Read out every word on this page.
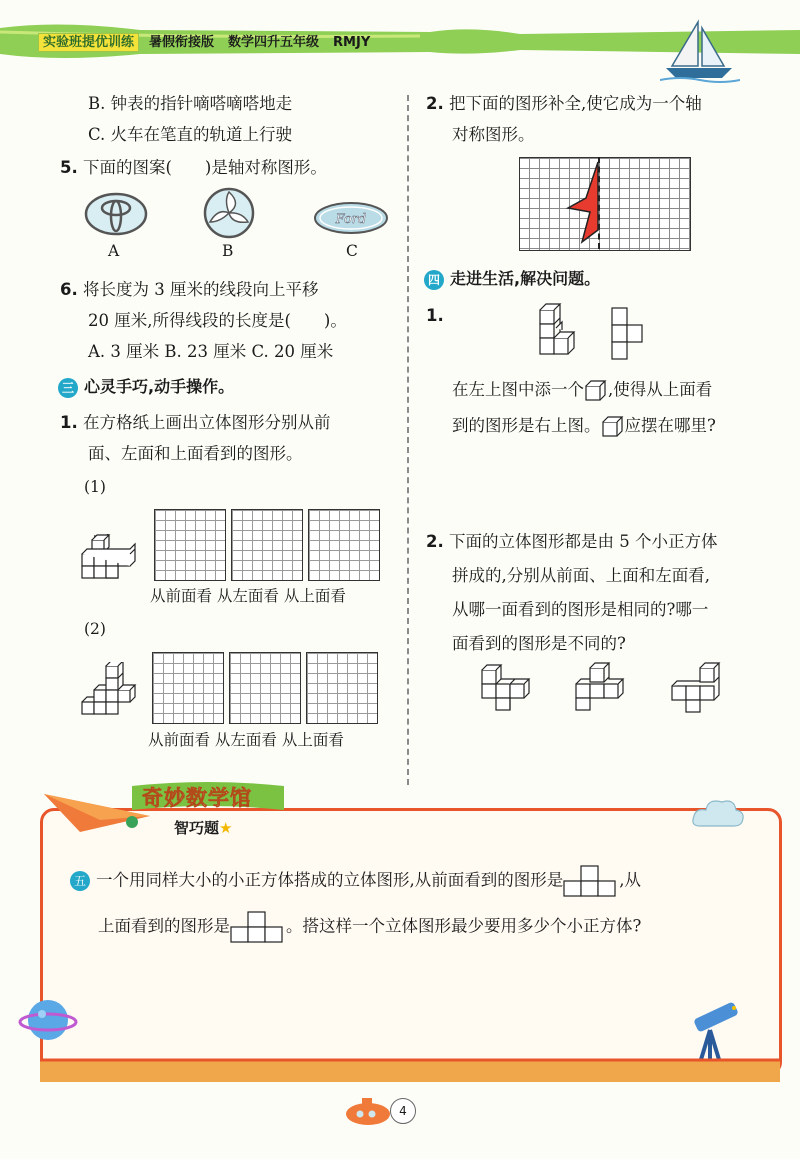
实验班提优训练 暑假衔接版 数学四升五年级 RMJY
B. 钟表的指针嘀嗒嘀嗒地走
C. 火车在笔直的轨道上行驶
5. 下面的图案(　　)是轴对称图形。
Ford
A	B	C
6. 将长度为 3 厘米的线段向上平移
20 厘米,所得线段的长度是(　　)。
A. 3 厘米 B. 23 厘米 C. 20 厘米
三 心灵手巧,动手操作。
1. 在方格纸上画出立体图形分别从前
面、左面和上面看到的图形。
(1)
从前面看 从左面看 从上面看
(2)
从前面看 从左面看 从上面看
2. 把下面的图形补全,使它成为一个轴
对称图形。
四 走进生活,解决问题。
1.
在左上图中添一个 ,使得从上面看
到的图形是右上图。 应摆在哪里?
2. 下面的立体图形都是由 5 个小正方体
拼成的,分别从前面、上面和左面看,
从哪一面看到的图形是相同的?哪一
面看到的图形是不同的?
奇妙数学馆
智巧题★
五 一个用同样大小的小正方体搭成的立体图形,从前面看到的图形是	,从
上面看到的图形是	。搭这样一个立体图形最少要用多少个小正方体?
4
